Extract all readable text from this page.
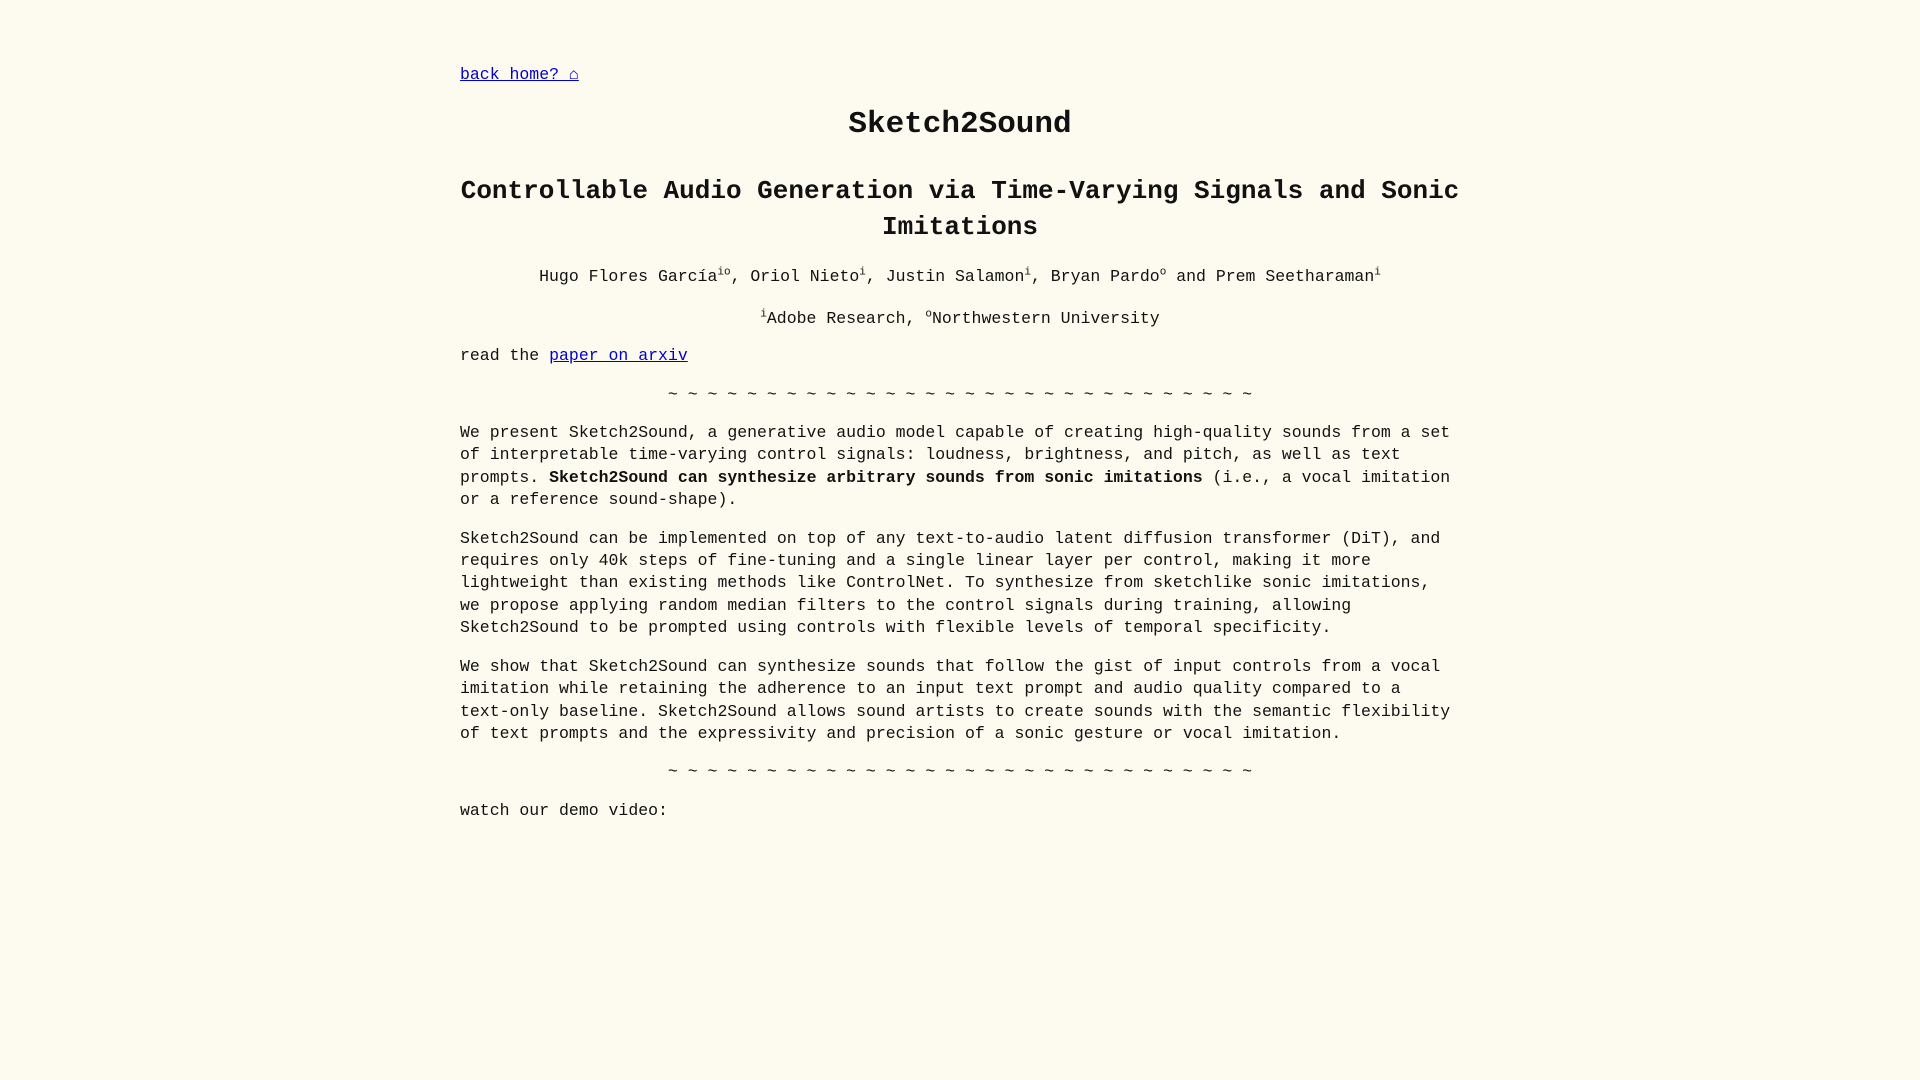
back home? ⌂
Sketch2Sound
Controllable Audio Generation via Time-Varying Signals and Sonic Imitations
Hugo Flores García$^{io}$, Oriol Nieto$^i$, Justin Salamon$^i$, Bryan Pardo$^o$ and Prem Seetharaman$^i$
$^i$Adobe Research, $^o$Northwestern University
read the paper on arxiv
~ ~ ~ ~ ~ ~ ~ ~ ~ ~ ~ ~ ~ ~ ~ ~ ~ ~ ~ ~ ~ ~ ~ ~ ~ ~ ~ ~ ~ ~

We present Sketch2Sound, a generative audio model capable of creating high-quality sounds from a set of interpretable time-varying control signals: loudness, brightness, and pitch, as well as text prompts. Sketch2Sound can synthesize arbitrary sounds from sonic imitations (i.e., a vocal imitation or a reference sound-shape).

Sketch2Sound can be implemented on top of any text-to-audio latent diffusion transformer (DiT), and requires only 40k steps of fine-tuning and a single linear layer per control, making it more lightweight than existing methods like ControlNet. To synthesize from sketchlike sonic imitations, we propose applying random median filters to the control signals during training, allowing Sketch2Sound to be prompted using controls with flexible levels of temporal specificity.

We show that Sketch2Sound can synthesize sounds that follow the gist of input controls from a vocal imitation while retaining the adherence to an input text prompt and audio quality compared to a text-only baseline. Sketch2Sound allows sound artists to create sounds with the semantic flexibility of text prompts and the expressivity and precision of a sonic gesture or vocal imitation.

~ ~ ~ ~ ~ ~ ~ ~ ~ ~ ~ ~ ~ ~ ~ ~ ~ ~ ~ ~ ~ ~ ~ ~ ~ ~ ~ ~ ~ ~
watch our demo video:
